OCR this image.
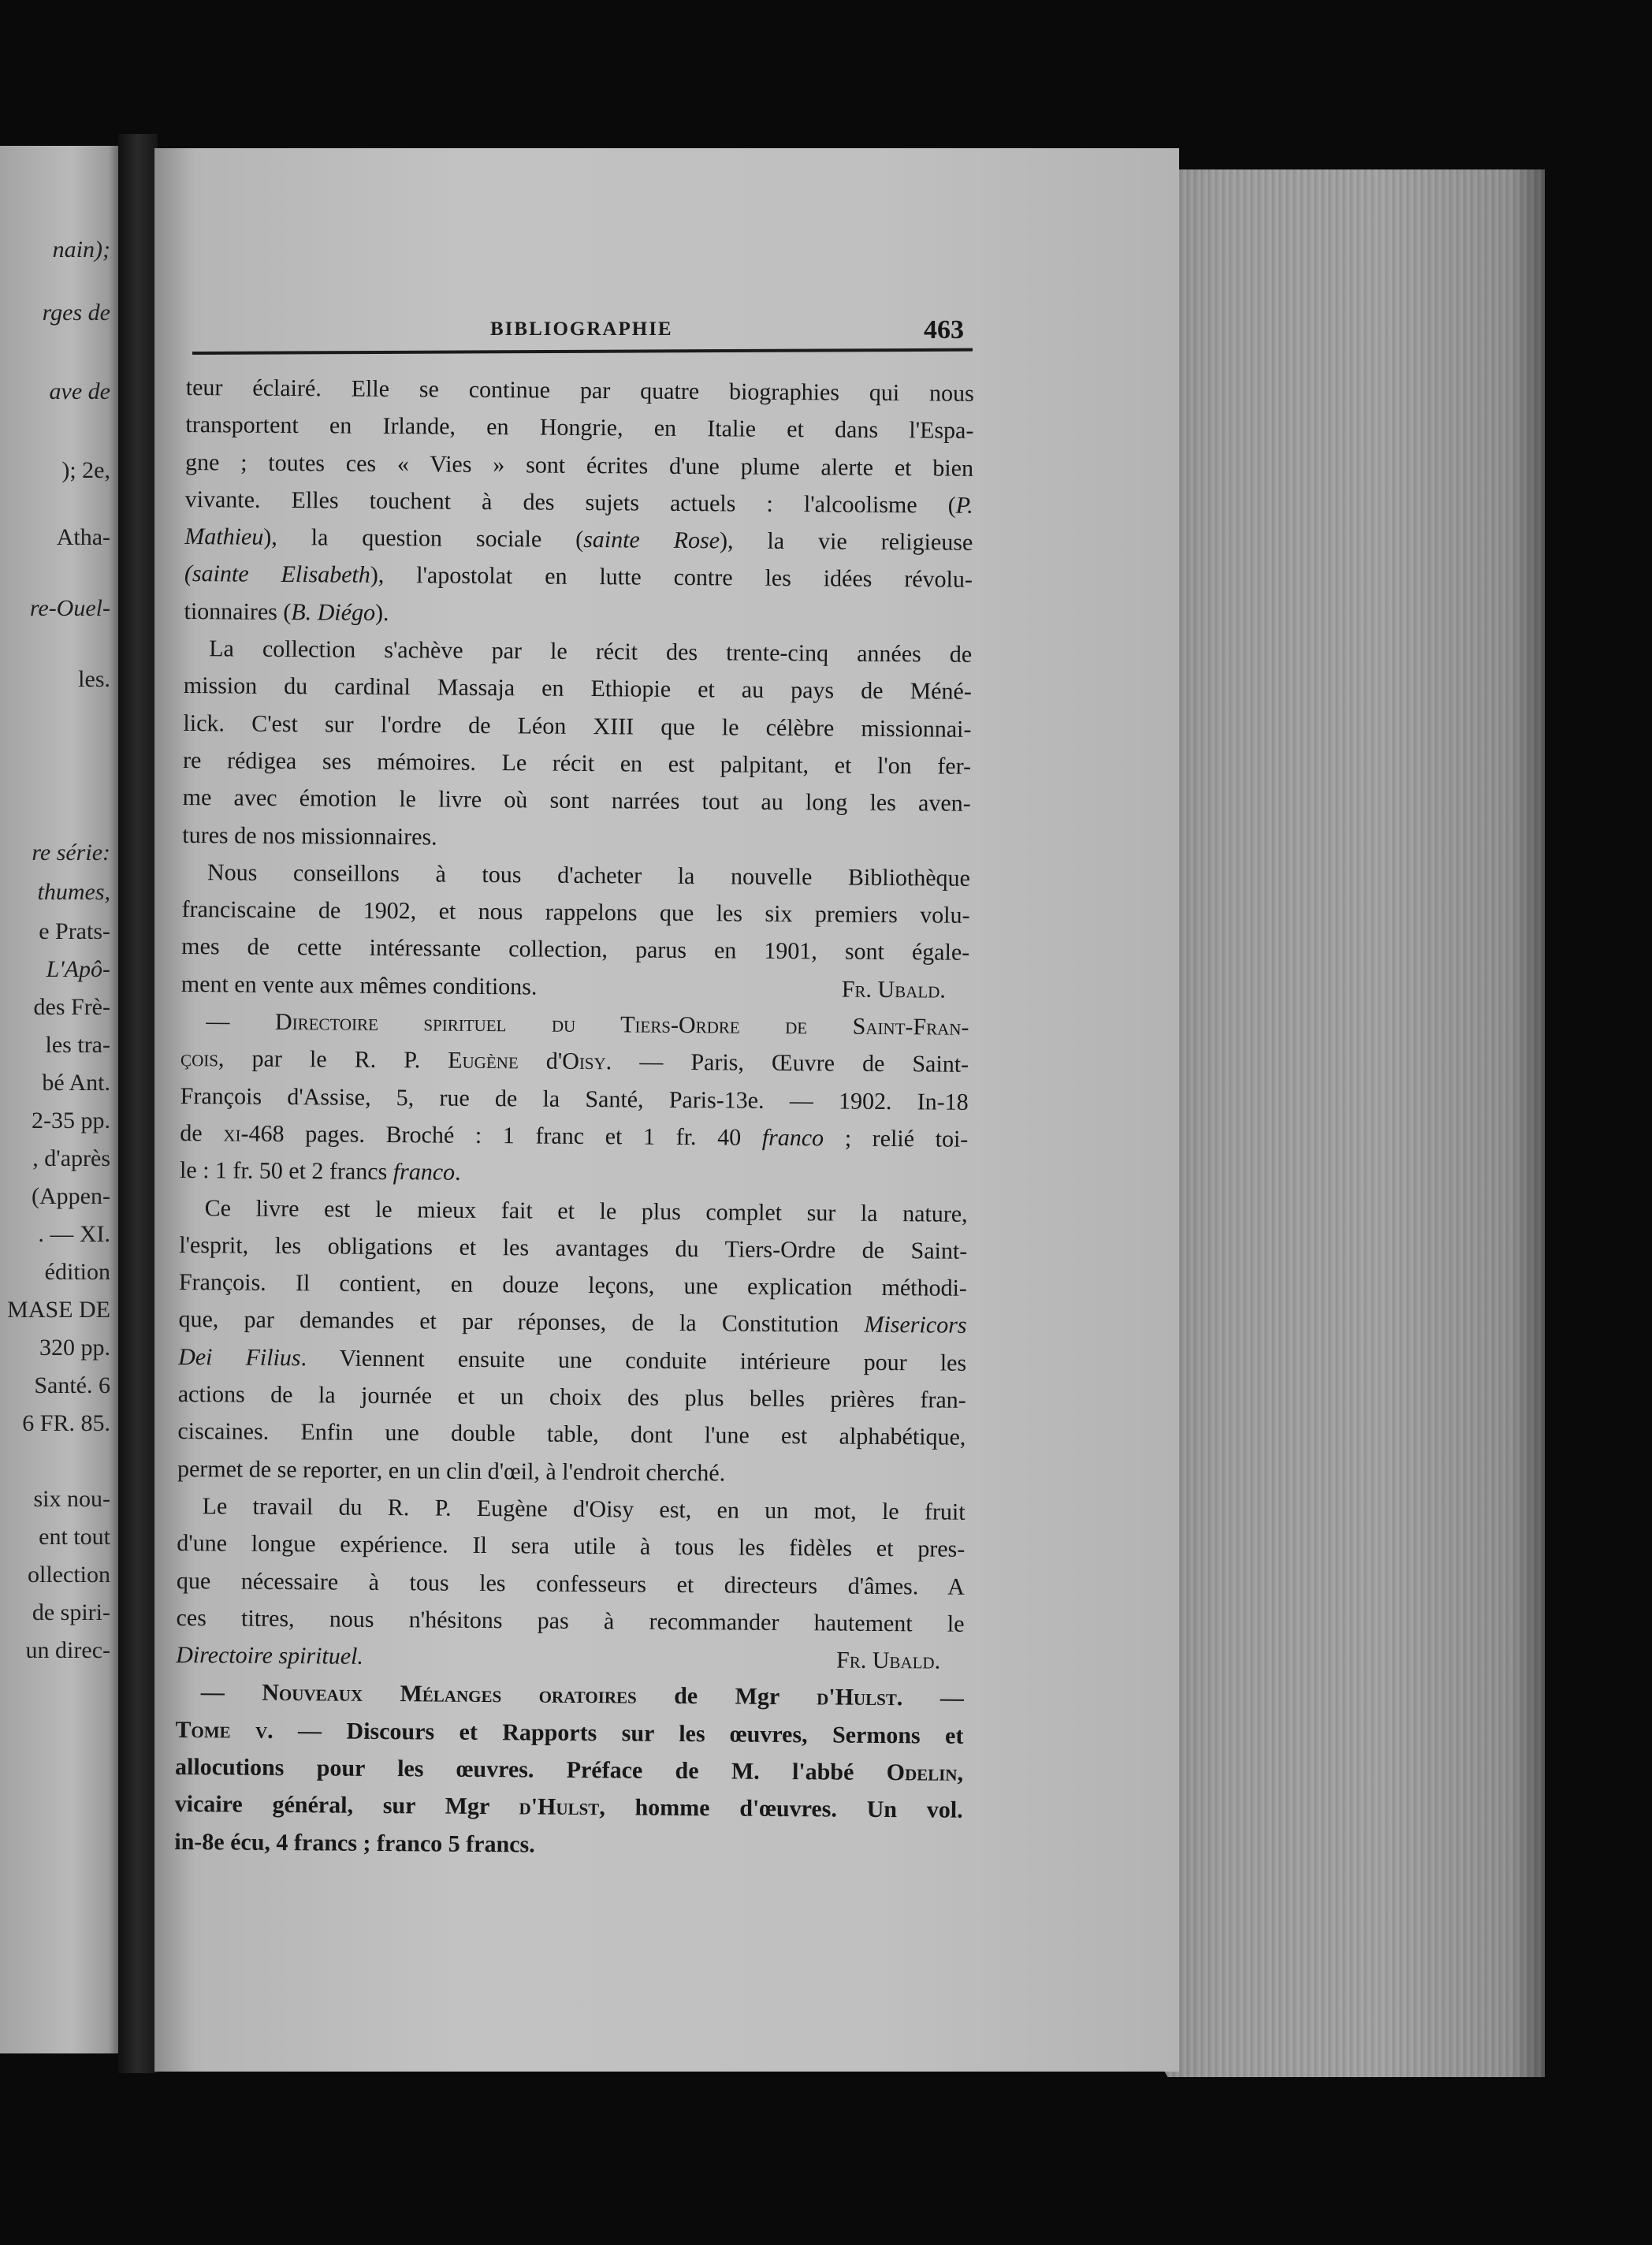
nain);
rges de
ave de
); 2e,
Atha-
re-Ouel-
les.
re série:
thumes,
e Prats-
L'Apô-
des Frè-
les tra-
bé Ant.
2-35 pp.
, d'après
(Appen-
. — XI.
édition
MASE DE
320 pp.
Santé. 6
6 FR. 85.
six nou-
ent tout
ollection
de spiri-
un direc-
BIBLIOGRAPHIE	463
teur éclairé. Elle se continue par quatre biographies qui nous
transportent en Irlande, en Hongrie, en Italie et dans l'Espa-
gne ; toutes ces « Vies » sont écrites d'une plume alerte et bien
vivante. Elles touchent à des sujets actuels : l'alcoolisme (P.
Mathieu), la question sociale (sainte Rose), la vie religieuse
(sainte Elisabeth), l'apostolat en lutte contre les idées révolu-
tionnaires (B. Diégo).
La collection s'achève par le récit des trente-cinq années de
mission du cardinal Massaja en Ethiopie et au pays de Méné-
lick. C'est sur l'ordre de Léon XIII que le célèbre missionnai-
re rédigea ses mémoires. Le récit en est palpitant, et l'on fer-
me avec émotion le livre où sont narrées tout au long les aven-
tures de nos missionnaires.
Nous conseillons à tous d'acheter la nouvelle Bibliothèque
franciscaine de 1902, et nous rappelons que les six premiers volu-
mes de cette intéressante collection, parus en 1901, sont égale-
ment en vente aux mêmes conditions.	Fr. Ubald.
— Directoire spirituel du Tiers-Ordre de Saint-Fran-
çois, par le R. P. Eugène d'Oisy. — Paris, Œuvre de Saint-
François d'Assise, 5, rue de la Santé, Paris-13e. — 1902. In-18
de xi-468 pages. Broché : 1 franc et 1 fr. 40 franco ; relié toi-
le : 1 fr. 50 et 2 francs franco.
Ce livre est le mieux fait et le plus complet sur la nature,
l'esprit, les obligations et les avantages du Tiers-Ordre de Saint-
François. Il contient, en douze leçons, une explication méthodi-
que, par demandes et par réponses, de la Constitution Misericors
Dei Filius. Viennent ensuite une conduite intérieure pour les
actions de la journée et un choix des plus belles prières fran-
ciscaines. Enfin une double table, dont l'une est alphabétique,
permet de se reporter, en un clin d'œil, à l'endroit cherché.
Le travail du R. P. Eugène d'Oisy est, en un mot, le fruit
d'une longue expérience. Il sera utile à tous les fidèles et pres-
que nécessaire à tous les confesseurs et directeurs d'âmes. A
ces titres, nous n'hésitons pas à recommander hautement le
Directoire spirituel.	Fr. Ubald.
— Nouveaux Mélanges oratoires de Mgr d'Hulst. —
Tome v. — Discours et Rapports sur les œuvres, Sermons et
allocutions pour les œuvres. Préface de M. l'abbé Odelin,
vicaire général, sur Mgr d'Hulst, homme d'œuvres. Un vol.
in-8e écu, 4 francs ; franco 5 francs.
